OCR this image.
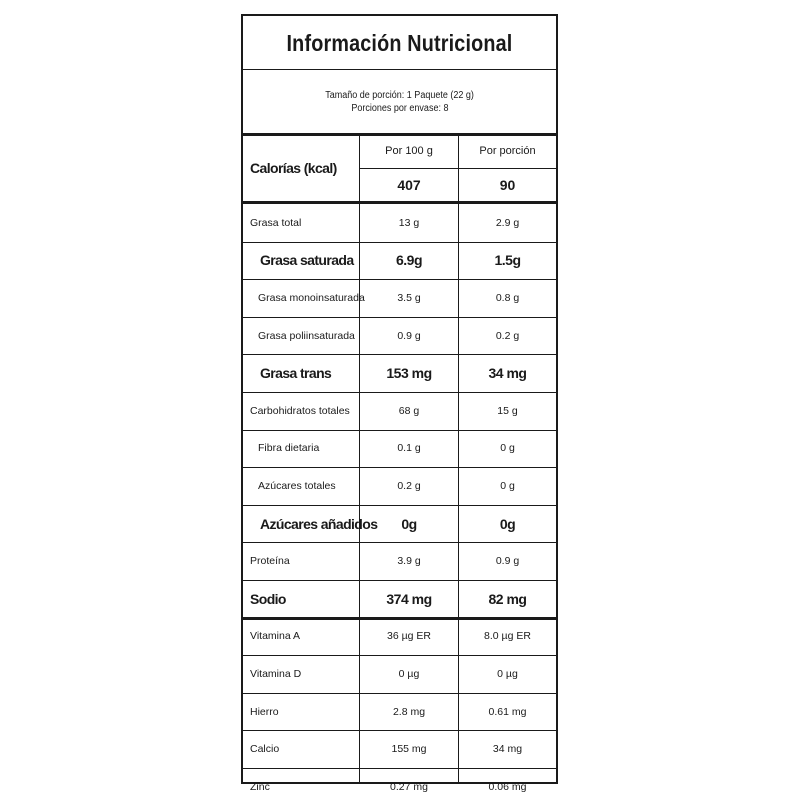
Información Nutricional
Tamaño de porción: 1 Paquete (22 g)
Porciones por envase: 8
Calorías (kcal)
Por 100 g	Por porción
407	90
Grasa total	13 g	2.9 g
Grasa saturada	6.9g	1.5g
Grasa monoinsaturada	3.5 g	0.8 g
Grasa poliinsaturada	0.9 g	0.2 g
Grasa trans	153 mg	34 mg
Carbohidratos totales	68 g	15 g
Fibra dietaria	0.1 g	0 g
Azúcares totales	0.2 g	0 g
Azúcares añadidos	0g	0g
Proteína	3.9 g	0.9 g
Sodio	374 mg	82 mg
Vitamina A	36 µg ER	8.0 µg ER
Vitamina D	0 µg	0 µg
Hierro	2.8 mg	0.61 mg
Calcio	155 mg	34 mg
Zinc	0.27 mg	0.06 mg
